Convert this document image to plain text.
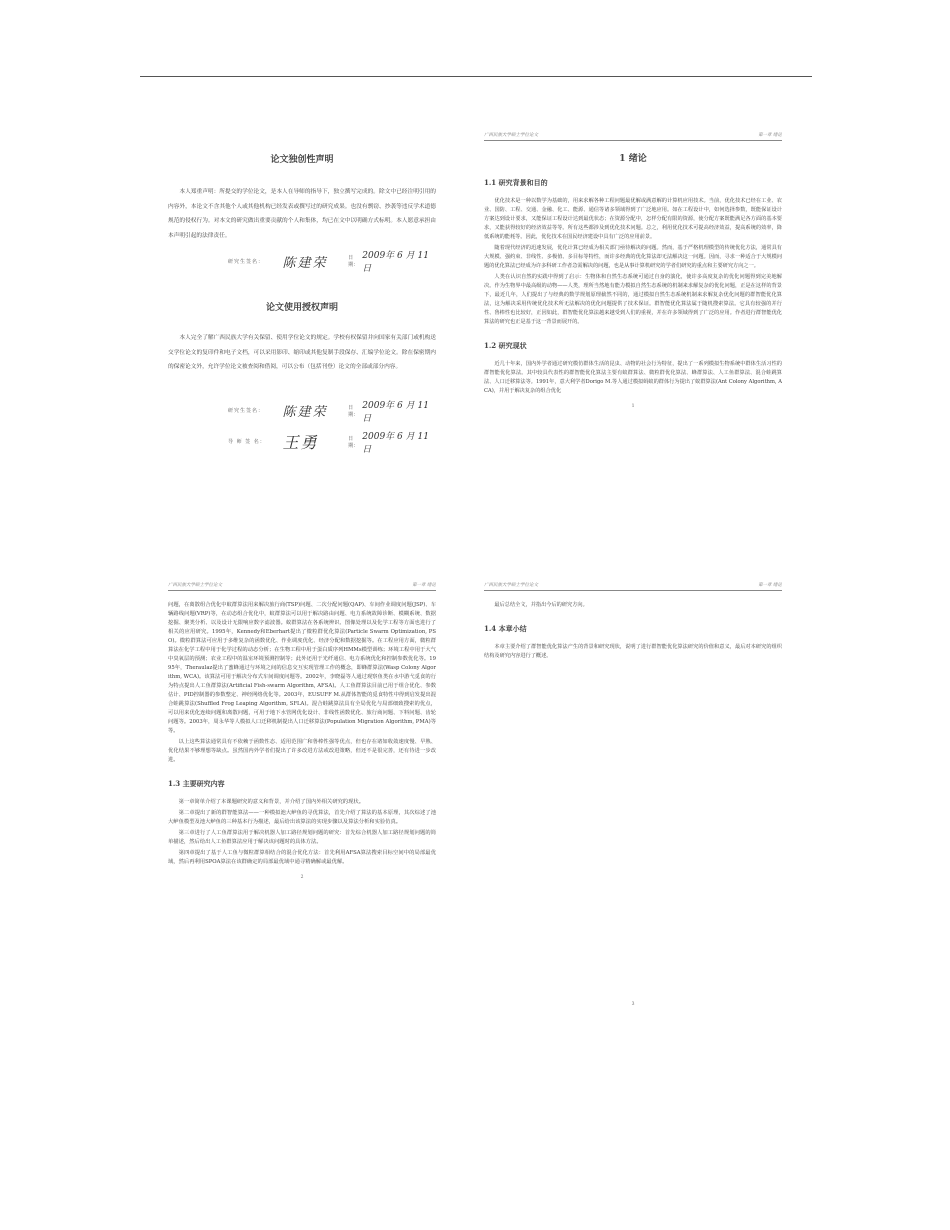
论文独创性声明

本人郑重声明：所提交的学位论文，是本人在导师的指导下，独立撰写完成的。除文中已经注明引用的内容外，本论文不含其他个人或其他机构已经发表或撰写过的研究成果。也没有剽窃、抄袭等违反学术道德规范的侵权行为。对本文的研究做出重要贡献的个人和集体，均已在文中以明确方式标明。本人愿意承担由本声明引起的法律责任。

研究生签名：	陈建荣	日期：
2009年 6 月 11 日
论文使用授权声明

本人完全了解广西民族大学有关保留、使用学位论文的规定。学校有权保留并向国家有关部门或机构送交学位论文的复印件和电子文档，可以采用影印、缩印或其他复制手段保存、汇编学位论文。除在保密期内的保密论文外，允许学位论文被查阅和借阅，可以公布（包括刊登）论文的全部或部分内容。

研究生签名：	陈建荣	日期：
2009年 6 月 11 日
导 师 签 名：	王勇	日期：
2009年 6 月 11 日
广西民族大学硕士学位论文	第一章 绪论
1 绪论
1.1 研究背景和目的

优化技术是一种以数学为基础的，用来求解各种工程问题最优解或满意解的计算机应用技术。当前，优化技术已经在工业、农业、国防、工程、交通、金融、化工、能源、通信等诸多领域得到了广泛地应用。如在工程设计中，如何选择参数，既能保证设计方案达到设计要求，又能保证工程设计达到最优状态；在资源分配中，怎样分配有限的资源，使分配方案既能满足各方面的基本要求，又能获得较好的经济效益等等。所有这些都涉及到优化技术问题。总之，利用优化技术可提高经济效益，提高系统的效率，降低系统的能耗等。因此，优化技术在国民经济建设中具有广泛的应用前景。

随着现代经济的迅速发展，优化计算已经成为相关部门亟待解决的问题。然而，基于严格机理模型的传统优化方法，通常具有大规模、强约束、非线性、多极值、多目标等特性，而许多经典的优化算法却无法解决这一问题。因而，寻求一种适合于大规模问题的优化算法已经成为许多科研工作者急需解决的问题，也是从事计算机研究的学者们研究的重点和主要研究方向之一。

人类在认识自然的实践中得到了启示：生物体和自然生态系统可通过自身的演化，使许多高度复杂的优化问题得到完美地解决。作为生物界中最高级的动物——人类，理所当然地有能力模拟自然生态系统的机制来求解复杂的优化问题，正是在这样的背景下，最近几年，人们提出了与经典的数学规划原理截然不同的，通过模拟自然生态系统机制来求解复杂优化问题的群智能优化算法，这为解决采用传统优化技术所无法解决的优化问题提供了技术保证。群智能优化算法属于随机搜索算法。它具有较强的并行性、鲁棒性也比较好，正因如此，群智能优化算法越来越受到人们的重视，并在许多领域得到了广泛的应用。作者进行群智能优化算法的研究也正是基于这一背景而展开的。

1.2 研究现状

近几十年来，国内外学者通过研究模仿群体生活的昆虫、动物的社会行为特征，提出了一系列模拟生物系统中群体生活习性的群智能优化算法。其中较具代表性的群智能优化算法主要有蚁群算法、微粒群优化算法、蜂群算法、人工鱼群算法、混合蛙跳算法、人口迁移算法等。1991年，意大利学者Dorigo M.等人通过模拟蚂蚁的群体行为提出了蚁群算法(Ant Colony Algorithm, ACA)，并用于解决复杂的组合优化

1
广西民族大学硕士学位论文	第一章 绪论

问题，在离散组合优化中蚁群算法用来解决旅行商(TSP)问题、二次分配问题(QAP)、车间作业调度问题(JSP)、车辆路线问题(VRP)等，在动态组合优化中，蚁群算法可以用于解决路由问题、电力系统故障诊断、模糊系统、数据挖掘、聚类分析、以及设计无限响应数字滤波器。蚁群算法在各系统辨识、图像处理以及化学工程等方面也进行了相关的应用研究。1995年，Kennedy和Eberhart提出了微粒群优化算法(Particle Swarm Optimization, PSO)。微粒群算法可应用于多维复杂的函数优化、作业调度优化、经济分配和数据挖掘等。在工程应用方面，微粒群算法在化学工程中用于化学过程的动态分析；在生物工程中用于蛋白质序列HMMs模型训练；环境工程中用于大气中臭氧层的预测；农业工程中的温室环境预测控制等；此外还用于光纤通信、电力系统优化和控制参数优化等。1995年，Theraulaz提出了蜜蜂通过与环境之间的信息交互实现管理工作的概念，即蜂群算法(Wasp Colony Algorithm, WCA)。该算法可用于解决分布式车间调度问题等。2002年，李晓磊等人通过观察鱼类在水中游弋觅食的行为特点提出人工鱼群算法(Artificial Fish-swarm Algorithm, AFSA)。人工鱼群算法目前已用于组合优化、参数估计、PID控制器的参数整定、神经网络优化等。2003年，EUSUFF M.从群体智能的觅食特性中得到启发提出混合蛙跳算法(Shuffled Frog Leaping Algorithm, SFLA)。混合蛙跳算法具有全局优化与局部细致搜索的优点，可以用来优化连续问题和离散问题，可用于地下水管网优化设计、非线性函数优化、旅行商问题、下料问题、齿轮问题等。2003年，周永华等人模拟人口迁移机制提出人口迁移算法(Population Migration Algorithm, PMA)等等。

以上这些算法通常具有不依赖于函数性态、适用范围广和鲁棒性强等优点，但也存在诸如收敛速度慢、早熟、优化结果不够理想等缺点。虽然国内外学者们提出了许多改进方法或改进策略，但还不是很完善，还有待进一步改进。

1.3 主要研究内容

第一章简单介绍了本课题研究的意义和背景，并介绍了国内外相关研究的现状。

第二章提出了新的群智能算法——一种模拟池大鲈鱼的寻优算法，首先介绍了算法的基本原理，其次综述了池大鲈鱼模型及池大鲈鱼的三种基本行为描述，最后给出该算法的实现步骤以及算法分析和实验仿真。

第三章进行了人工鱼群算法用于解决机器人加工路径规划问题的研究：首先综合机器人加工路径规划问题的简单描述，然后给出人工鱼群算法应用于解决该问题时的具体方法。

第四章提出了基于人工鱼与微粒群算相结合的混合优化方法：首先利用AFSA算法搜索目标空间中的局部最优域，然后再利用SPOA算法在该群确定的局部最优域中通寻精确解或最优解。

2
广西民族大学硕士学位论文	第一章 绪论

最后总结全文，并指出今后的研究方向。

1.4 本章小结

本章主要介绍了群智能优化算法产生的背景和研究现状，说明了进行群智能优化算法研究的价值和意义，最后对本研究的组织结构及研究内容进行了概述。

3
